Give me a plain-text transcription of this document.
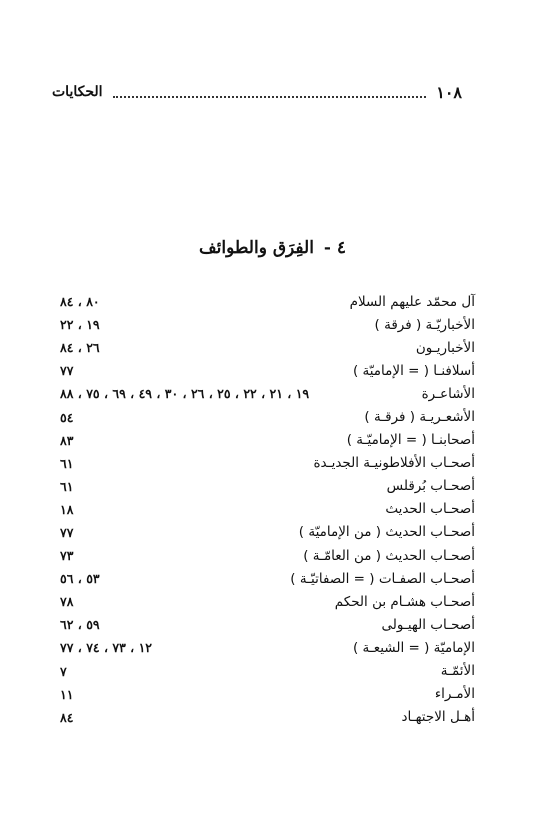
١٠٨
الحكايات
٤ - الفِرَق والطوائف
آل محمّد عليهم السلام
٨٠ ، ٨٤
الأخباريّـة ( فرقة )
١٩ ، ٢٢
الأخباريـون
٢٦ ، ٨٤
أسلافنـا ( = الإماميّة )
٧٧
الأشاعـرة
١٩ ، ٢١ ، ٢٢ ، ٢٥ ، ٢٦ ، ٣٠ ، ٤٩ ، ٦٩ ، ٧٥ ، ٨٨
الأشعـريـة ( فرقـة )
٥٤
أصحابنـا ( = الإماميّـة )
٨٣
أصحـاب الأفلاطونيـة الجديـدة
٦١
أصحـاب بُرقلس
٦١
أصحـاب الحديث
١٨
أصحـاب الحديث ( من الإماميّة )
٧٧
أصحـاب الحديث ( من العامّـة )
٧٣
أصحـاب الصفـات ( = الصفاتيّـة )
٥٣ ، ٥٦
أصحـاب هشـام بن الحكم
٧٨
أصحـاب الهيـولى
٥٩ ، ٦٢
الإماميّة ( = الشيعـة )
١٢ ، ٧٣ ، ٧٤ ، ٧٧
الأئمّـة
٧
الأمـراء
١١
أهـل الاجتهـاد
٨٤
